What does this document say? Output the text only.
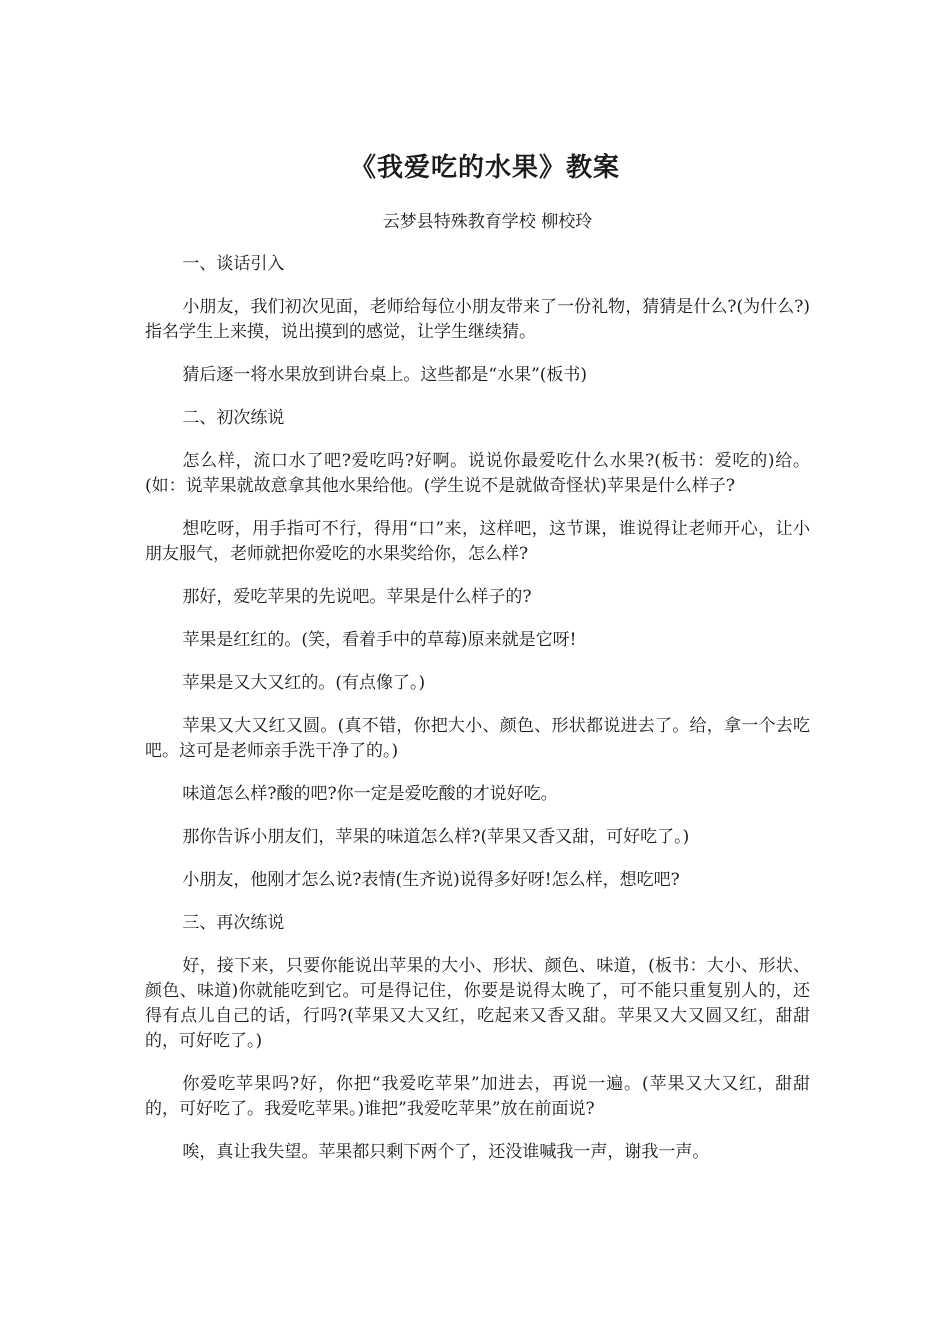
《我爱吃的水果》教案
云梦县特殊教育学校 柳校玲

一、谈话引入

小朋友，我们初次见面，老师给每位小朋友带来了一份礼物，猜猜是什么?(为什么?)指名学生上来摸，说出摸到的感觉，让学生继续猜。

猜后逐一将水果放到讲台桌上。这些都是“水果”(板书)

二、初次练说

怎么样，流口水了吧?爱吃吗?好啊。说说你最爱吃什么水果?(板书：爱吃的)给。(如：说苹果就故意拿其他水果给他。(学生说不是就做奇怪状)苹果是什么样子?

想吃呀，用手指可不行，得用“口”来，这样吧，这节课，谁说得让老师开心，让小朋友服气，老师就把你爱吃的水果奖给你，怎么样?

那好，爱吃苹果的先说吧。苹果是什么样子的?

苹果是红红的。(笑，看着手中的草莓)原来就是它呀!

苹果是又大又红的。(有点像了。)

苹果又大又红又圆。(真不错，你把大小、颜色、形状都说进去了。给，拿一个去吃吧。这可是老师亲手洗干净了的。)

味道怎么样?酸的吧?你一定是爱吃酸的才说好吃。

那你告诉小朋友们，苹果的味道怎么样?(苹果又香又甜，可好吃了。)

小朋友，他刚才怎么说?表情(生齐说)说得多好呀!怎么样，想吃吧?

三、再次练说

好，接下来，只要你能说出苹果的大小、形状、颜色、味道，(板书：大小、形状、颜色、味道)你就能吃到它。可是得记住，你要是说得太晚了，可不能只重复别人的，还得有点儿自己的话，行吗?(苹果又大又红，吃起来又香又甜。苹果又大又圆又红，甜甜的，可好吃了。)

你爱吃苹果吗?好，你把“我爱吃苹果”加进去，再说一遍。(苹果又大又红，甜甜的，可好吃了。我爱吃苹果。)谁把”我爱吃苹果”放在前面说?

唉，真让我失望。苹果都只剩下两个了，还没谁喊我一声，谢我一声。
